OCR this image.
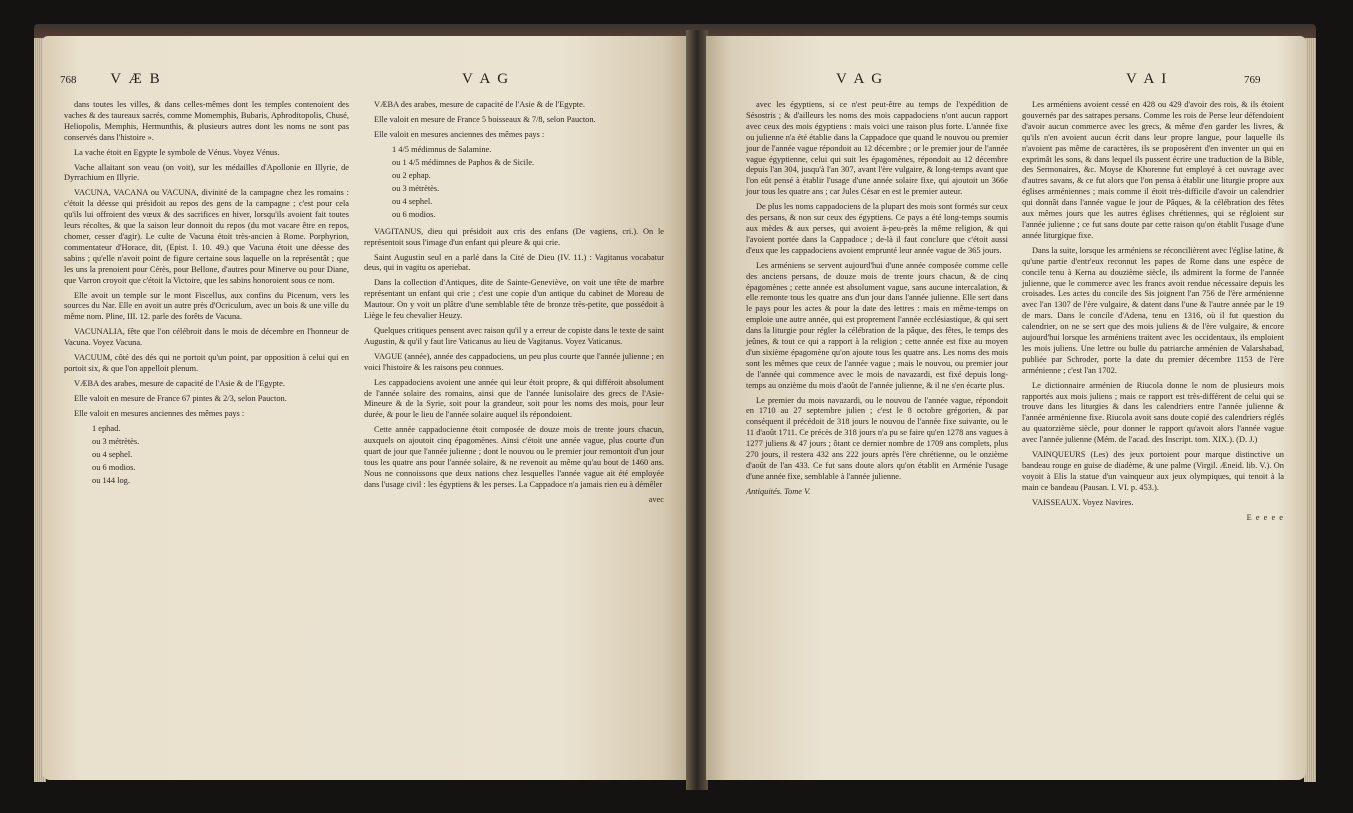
768 V Æ B	V A G

dans toutes les villes, & dans celles-mêmes dont les temples contenoient des vaches & des taureaux sacrés, comme Momemphis, Bubaris, Aphroditopolis, Chusé, Heliopolis, Memphis, Hermunthis, & plusieurs autres dont les noms ne sont pas conservés dans l'histoire ».

La vache étoit en Egypte le symbole de Vénus. Voyez Vénus.

Vache allaitant son veau (on voit), sur les médailles d'Apollonie en Illyrie, de Dyrrachium en Illyrie.

VACUNA, VACANA ou VACUNA, divinité de la campagne chez les romains : c'étoit la déesse qui présidoit au repos des gens de la campagne ; c'est pour cela qu'ils lui offroient des vœux & des sacrifices en hiver, lorsqu'ils avoient fait toutes leurs récoltes, & que la saison leur donnoit du repos (du mot vacare être en repos, chomer, cesser d'agir). Le culte de Vacuna étoit très-ancien à Rome. Porphyrion, commentateur d'Horace, dit, (Epist. I. 10. 49.) que Vacuna étoit une déesse des sabins ; qu'elle n'avoit point de figure certaine sous laquelle on la représentât ; que les uns la prenoient pour Cérès, pour Bellone, d'autres pour Minerve ou pour Diane, que Varron croyoit que c'étoit la Victoire, que les sabins honoroient sous ce nom.

Elle avoit un temple sur le mont Fiscellus, aux confins du Picenum, vers les sources du Nar. Elle en avoit un autre près d'Ocriculum, avec un bois & une ville du même nom. Pline, III. 12. parle des forêts de Vacuna.

VACUNALIA, fête que l'on célébroit dans le mois de décembre en l'honneur de Vacuna. Voyez Vacuna.

VACUUM, côté des dés qui ne portoit qu'un point, par opposition à celui qui en portoit six, & que l'on appelloit plenum.

VÆBA des arabes, mesure de capacité de l'Asie & de l'Egypte.

Elle valoit en mesure de France 67 pintes & 2/3, selon Paucton.

Elle valoit en mesures anciennes des mêmes pays :

1 ephad.
ou 3 métrètès.
ou 4 sephel.
ou 6 modios.
ou 144 log.

VÆBA des arabes, mesure de capacité de l'Asie & de l'Egypte.

Elle valoit en mesure de France 5 boisseaux & 7/8, selon Paucton.

Elle valoit en mesures anciennes des mêmes pays :

1 4/5 médimnus de Salamine.
ou 1 4/5 médimnes de Paphos & de Sicile.
ou 2 ephap.
ou 3 métrètès.
ou 4 sephel.
ou 6 modios.

VAGITANUS, dieu qui présidoit aux cris des enfans (De vagiens, cri.). On le représentoit sous l'image d'un enfant qui pleure & qui crie.

Saint Augustin seul en a parlé dans la Cité de Dieu (IV. 11.) : Vagitanus vocabatur deus, qui in vagitu os aperiebat.

Dans la collection d'Antiques, dite de Sainte-Geneviève, on voit une tête de marbre représentant un enfant qui crie ; c'est une copie d'un antique du cabinet de Moreau de Mautour. On y voit un plâtre d'une semblable tête de bronze très-petite, que possédoit à Liège le feu chevalier Heuzy.

Quelques critiques pensent avec raison qu'il y a erreur de copiste dans le texte de saint Augustin, & qu'il y faut lire Vaticanus au lieu de Vagitanus. Voyez Vaticanus.

VAGUE (année), année des cappadociens, un peu plus courte que l'année julienne ; en voici l'histoire & les raisons peu connues.

Les cappadociens avoient une année qui leur étoit propre, & qui différoit absolument de l'année solaire des romains, ainsi que de l'année lunisolaire des grecs de l'Asie-Mineure & de la Syrie, soit pour la grandeur, soit pour les noms des mois, pour leur durée, & pour le lieu de l'année solaire auquel ils répondoient.

Cette année cappadocienne étoit composée de douze mois de trente jours chacun, auxquels on ajoutoit cinq épagomènes. Ainsi c'étoit une année vague, plus courte d'un quart de jour que l'année julienne ; dont le nouvou ou le premier jour remontoit d'un jour tous les quatre ans pour l'année solaire, & ne revenoit au même qu'au bout de 1460 ans. Nous ne connoissons que deux nations chez lesquelles l'année vague ait été employée dans l'usage civil : les égyptiens & les perses. La Cappadoce n'a jamais rien eu à démêler

avec
V A G	V A I	769

avec les égyptiens, si ce n'est peut-être au temps de l'expédition de Sésostris ; & d'ailleurs les noms des mois cappadociens n'ont aucun rapport avec ceux des mois égyptiens : mais voici une raison plus forte. L'année fixe ou julienne n'a été établie dans la Cappadoce que quand le nouvou ou premier jour de l'année vague répondoit au 12 décembre ; or le premier jour de l'année vague égyptienne, celui qui suit les épagomènes, répondoit au 12 décembre depuis l'an 304, jusqu'à l'an 307, avant l'ère vulgaire, & long-temps avant que l'on eût pensé à établir l'usage d'une année solaire fixe, qui ajoutoit un 366e jour tous les quatre ans ; car Jules César en est le premier auteur.

De plus les noms cappadociens de la plupart des mois sont formés sur ceux des persans, & non sur ceux des égyptiens. Ce pays a été long-temps soumis aux mèdes & aux perses, qui avoient à-peu-près la même religion, & qui l'avoient portée dans la Cappadoce ; de-là il faut conclure que c'étoit aussi d'eux que les cappadociens avoient emprunté leur année vague de 365 jours.

Les arméniens se servent aujourd'hui d'une année composée comme celle des anciens persans, de douze mois de trente jours chacun, & de cinq épagomènes ; cette année est absolument vague, sans aucune intercalation, & elle remonte tous les quatre ans d'un jour dans l'année julienne. Elle sert dans le pays pour les actes & pour la date des lettres : mais en même-temps on emploie une autre année, qui est proprement l'année ecclésiastique, & qui sert dans la liturgie pour régler la célébration de la pâque, des fêtes, le temps des jeûnes, & tout ce qui a rapport à la religion ; cette année est fixe au moyen d'un sixième épagomène qu'on ajoute tous les quatre ans. Les noms des mois sont les mêmes que ceux de l'année vague ; mais le nouvou, ou premier jour de l'année qui commence avec le mois de navazardi, est fixé depuis long-temps au onzième du mois d'août de l'année julienne, & il ne s'en écarte plus.

Le premier du mois navazardi, ou le nouvou de l'année vague, répondoit en 1710 au 27 septembre julien ; c'est le 8 octobre grégorien, & par conséquent il précédoit de 318 jours le nouvou de l'année fixe suivante, ou le 11 d'août 1711. Ce précès de 318 jours n'a pu se faire qu'en 1278 ans vagues à 1277 juliens & 47 jours ; ôtant ce dernier nombre de 1709 ans complets, plus 270 jours, il restera 432 ans 222 jours après l'ère chrétienne, ou le onzième d'août de l'an 433. Ce fut sans doute alors qu'on établit en Arménie l'usage d'une année fixe, semblable à l'année julienne.

Antiquités. Tome V.

Les arméniens avoient cessé en 428 ou 429 d'avoir des rois, & ils étoient gouvernés par des satrapes persans. Comme les rois de Perse leur défendoient d'avoir aucun commerce avec les grecs, & même d'en garder les livres, & qu'ils n'en avoient aucun écrit dans leur propre langue, pour laquelle ils n'avoient pas même de caractères, ils se proposèrent d'en inventer un qui en exprimât les sons, & dans lequel ils pussent écrire une traduction de la Bible, des Sermonaires, &c. Moyse de Khorenne fut employé à cet ouvrage avec d'autres savans, & ce fut alors que l'on pensa à établir une liturgie propre aux églises arméniennes ; mais comme il étoit très-difficile d'avoir un calendrier qui donnât dans l'année vague le jour de Pâques, & la célébration des fêtes aux mêmes jours que les autres églises chrétiennes, qui se régloient sur l'année julienne ; ce fut sans doute par cette raison qu'on établit l'usage d'une année liturgique fixe.

Dans la suite, lorsque les arméniens se réconcilièrent avec l'église latine, & qu'une partie d'entr'eux reconnut les papes de Rome dans une espèce de concile tenu à Kerna au douzième siècle, ils admirent la forme de l'année julienne, que le commerce avec les francs avoit rendue nécessaire depuis les croisades. Les actes du concile des Sis joignent l'an 756 de l'ère arménienne avec l'an 1307 de l'ère vulgaire, & datent dans l'une & l'autre année par le 19 de mars. Dans le concile d'Adena, tenu en 1316, où il fut question du calendrier, on ne se sert que des mois juliens & de l'ère vulgaire, & encore aujourd'hui lorsque les arméniens traitent avec les occidentaux, ils emploient les mois juliens. Une lettre ou bulle du patriarche arménien de Valarshabad, publiée par Schroder, porte la date du premier décembre 1153 de l'ère arménienne ; c'est l'an 1702.

Le dictionnaire arménien de Riucola donne le nom de plusieurs mois rapportés aux mois juliens ; mais ce rapport est très-différent de celui qui se trouve dans les liturgies & dans les calendriers entre l'année julienne & l'année arménienne fixe. Riucola avoit sans doute copié des calendriers réglés au quatorzième siècle, pour donner le rapport qu'avoit alors l'année vague avec l'année julienne (Mém. de l'acad. des Inscript. tom. XIX.). (D. J.)

VAINQUEURS (Les) des jeux portoient pour marque distinctive un bandeau rouge en guise de diadème, & une palme (Virgil. Æneid. lib. V.). On voyoit à Elis la statue d'un vainqueur aux jeux olympiques, qui tenoit à la main ce bandeau (Pausan. I. VI. p. 453.).

VAISSEAUX. Voyez Navires.

E e e e e
